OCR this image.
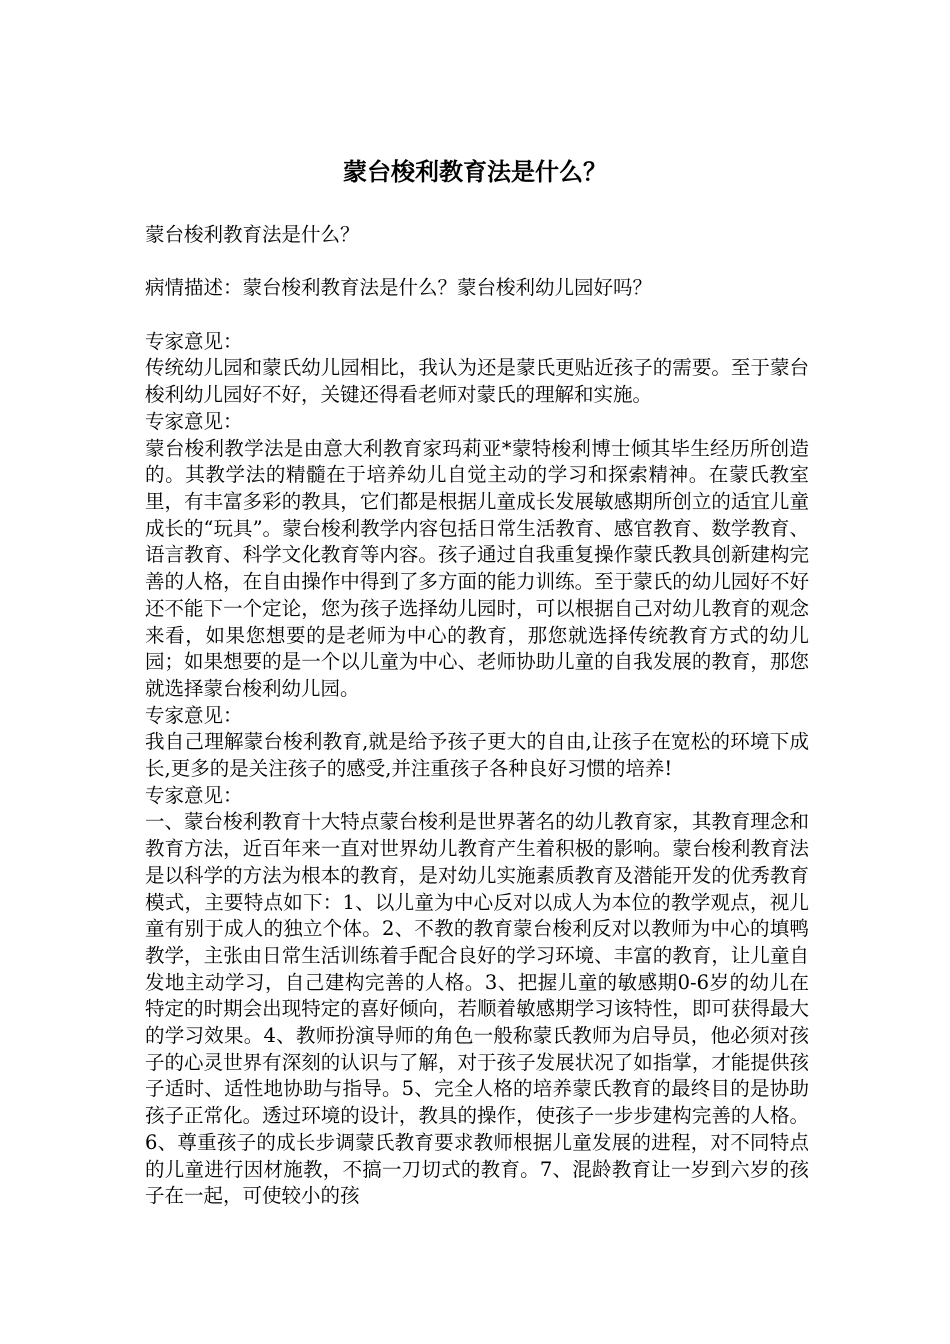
蒙台梭利教育法是什么？

蒙台梭利教育法是什么？

病情描述：蒙台梭利教育法是什么？蒙台梭利幼儿园好吗？

专家意见：

传统幼儿园和蒙氏幼儿园相比，我认为还是蒙氏更贴近孩子的需要。至于蒙台梭利幼儿园好不好，关键还得看老师对蒙氏的理解和实施。

专家意见：

蒙台梭利教学法是由意大利教育家玛莉亚*蒙特梭利博士倾其毕生经历所创造的。其教学法的精髓在于培养幼儿自觉主动的学习和探索精神。在蒙氏教室里，有丰富多彩的教具，它们都是根据儿童成长发展敏感期所创立的适宜儿童成长的“玩具”。蒙台梭利教学内容包括日常生活教育、感官教育、数学教育、语言教育、科学文化教育等内容。孩子通过自我重复操作蒙氏教具创新建构完善的人格，在自由操作中得到了多方面的能力训练。至于蒙氏的幼儿园好不好还不能下一个定论，您为孩子选择幼儿园时，可以根据自己对幼儿教育的观念来看，如果您想要的是老师为中心的教育，那您就选择传统教育方式的幼儿园；如果想要的是一个以儿童为中心、老师协助儿童的自我发展的教育，那您就选择蒙台梭利幼儿园。

专家意见：

我自己理解蒙台梭利教育,就是给予孩子更大的自由,让孩子在宽松的环境下成长,更多的是关注孩子的感受,并注重孩子各种良好习惯的培养!

专家意见：

一、蒙台梭利教育十大特点蒙台梭利是世界著名的幼儿教育家，其教育理念和教育方法，近百年来一直对世界幼儿教育产生着积极的影响。蒙台梭利教育法是以科学的方法为根本的教育，是对幼儿实施素质教育及潜能开发的优秀教育模式，主要特点如下：1、以儿童为中心反对以成人为本位的教学观点，视儿童有别于成人的独立个体。2、不教的教育蒙台梭利反对以教师为中心的填鸭教学，主张由日常生活训练着手配合良好的学习环境、丰富的教育，让儿童自发地主动学习，自己建构完善的人格。3、把握儿童的敏感期0-6岁的幼儿在特定的时期会出现特定的喜好倾向，若顺着敏感期学习该特性，即可获得最大的学习效果。4、教师扮演导师的角色一般称蒙氏教师为启导员，他必须对孩子的心灵世界有深刻的认识与了解，对于孩子发展状况了如指掌，才能提供孩子适时、适性地协助与指导。5、完全人格的培养蒙氏教育的最终目的是协助孩子正常化。透过环境的设计，教具的操作，使孩子一步步建构完善的人格。6、尊重孩子的成长步调蒙氏教育要求教师根据儿童发展的进程，对不同特点的儿童进行因材施教，不搞一刀切式的教育。7、混龄教育让一岁到六岁的孩子在一起，可使较小的孩
